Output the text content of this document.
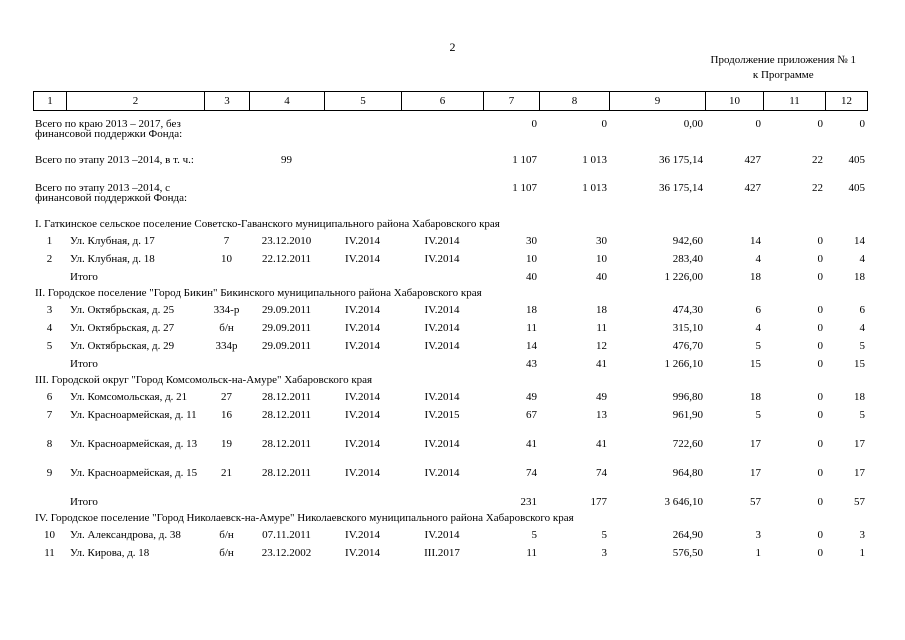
2
Продолжение приложения № 1
к Программе
1	2	3	4	5	6	7	8	9	10	11	12
Всего по краю 2013 – 2017, без финансовой поддержки Фонда:						0	0	0,00	0	0	0
Всего по этапу 2013 –2014, в т. ч.:			99			1 107	1 013	36 175,14	427	22	405
Всего по этапу 2013 –2014, с финансовой поддержкой Фонда:						1 107	1 013	36 175,14	427	22	405
I. Гаткинское сельское поселение Советско-Гаванского муниципального района Хабаровского края											
1	Ул. Клубная, д. 17	7	23.12.2010	IV.2014	IV.2014	30	30	942,60	14	0	14
2	Ул. Клубная, д. 18	10	22.12.2011	IV.2014	IV.2014	10	10	283,40	4	0	4
	Итого					40	40	1 226,00	18	0	18
II. Городское поселение "Город Бикин" Бикинского муниципального района Хабаровского края											
3	Ул. Октябрьская, д. 25	334-р	29.09.2011	IV.2014	IV.2014	18	18	474,30	6	0	6
4	Ул. Октябрьская, д. 27	б/н	29.09.2011	IV.2014	IV.2014	11	11	315,10	4	0	4
5	Ул. Октябрьская, д. 29	334р	29.09.2011	IV.2014	IV.2014	14	12	476,70	5	0	5
	Итого					43	41	1 266,10	15	0	15
III. Городской округ "Город Комсомольск-на-Амуре" Хабаровского края											
6	Ул. Комсомольская, д. 21	27	28.12.2011	IV.2014	IV.2014	49	49	996,80	18	0	18
7	Ул. Красноармейская, д. 11	16	28.12.2011	IV.2014	IV.2015	67	13	961,90	5	0	5
8	Ул. Красноармейская, д. 13	19	28.12.2011	IV.2014	IV.2014	41	41	722,60	17	0	17
9	Ул. Красноармейская, д. 15	21	28.12.2011	IV.2014	IV.2014	74	74	964,80	17	0	17
	Итого					231	177	3 646,10	57	0	57
IV. Городское поселение "Город Николаевск-на-Амуре" Николаевского муниципального района Хабаровского края											
10	Ул. Александрова, д. 38	б/н	07.11.2011	IV.2014	IV.2014	5	5	264,90	3	0	3
11	Ул. Кирова, д. 18	б/н	23.12.2002	IV.2014	III.2017	11	3	576,50	1	0	1
